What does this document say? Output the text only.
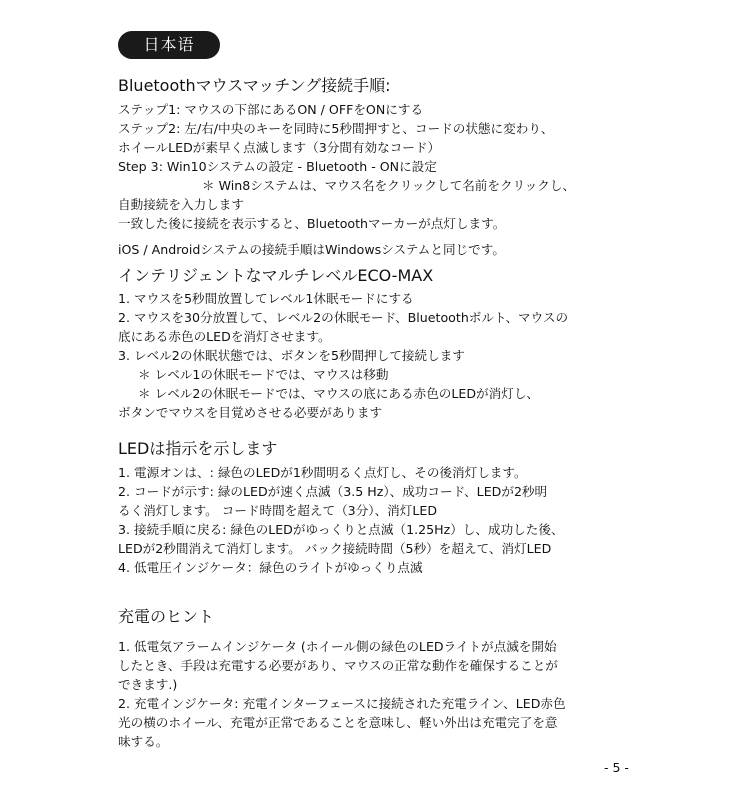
日本语

Bluetoothマウスマッチング接続手順:

ステップ1: マウスの下部にあるON / OFFをONにする

ステップ2: 左/右/中央のキーを同時に5秒間押すと、コードの状態に変わり、

ホイールLEDが素早く点滅します（3分間有効なコード）

Step 3: Win10システムの設定 - Bluetooth - ONに設定

＊ Win8システムは、マウス名をクリックして名前をクリックし、

自動接続を入力します

一致した後に接続を表示すると、Bluetoothマーカーが点灯します。

iOS / Androidシステムの接続手順はWindowsシステムと同じです。

インテリジェントなマルチレベルECO-MAX

1. マウスを5秒間放置してレベル1休眠モードにする

2. マウスを30分放置して、レベル2の休眠モード、Bluetoothボルト、マウスの

底にある赤色のLEDを消灯させます。

3. レベル2の休眠状態では、ボタンを5秒間押して接続します

＊ レベル1の休眠モードでは、マウスは移動

＊ レベル2の休眠モードでは、マウスの底にある赤色のLEDが消灯し、

ボタンでマウスを目覚めさせる必要があります

LEDは指示を示します

1. 電源オンは、: 緑色のLEDが1秒間明るく点灯し、その後消灯します。

2. コードが示す: 緑のLEDが速く点滅（3.5 Hz）、成功コード、LEDが2秒明

るく消灯します。 コード時間を超えて（3分）、消灯LED

3. 接続手順に戻る: 緑色のLEDがゆっくりと点滅（1.25Hz）し、成功した後、

LEDが2秒間消えて消灯します。 バック接続時間（5秒）を超えて、消灯LED

4. 低電圧インジケータ：緑色のライトがゆっくり点滅

充電のヒント

1. 低電気アラームインジケータ (ホイール側の緑色のLEDライトが点滅を開始

したとき、手段は充電する必要があり、マウスの正常な動作を確保することが

できます.)

2. 充電インジケータ: 充電インターフェースに接続された充電ライン、LED赤色

光の横のホイール、充電が正常であることを意味し、軽い外出は充電完了を意

味する。

- 5 -
